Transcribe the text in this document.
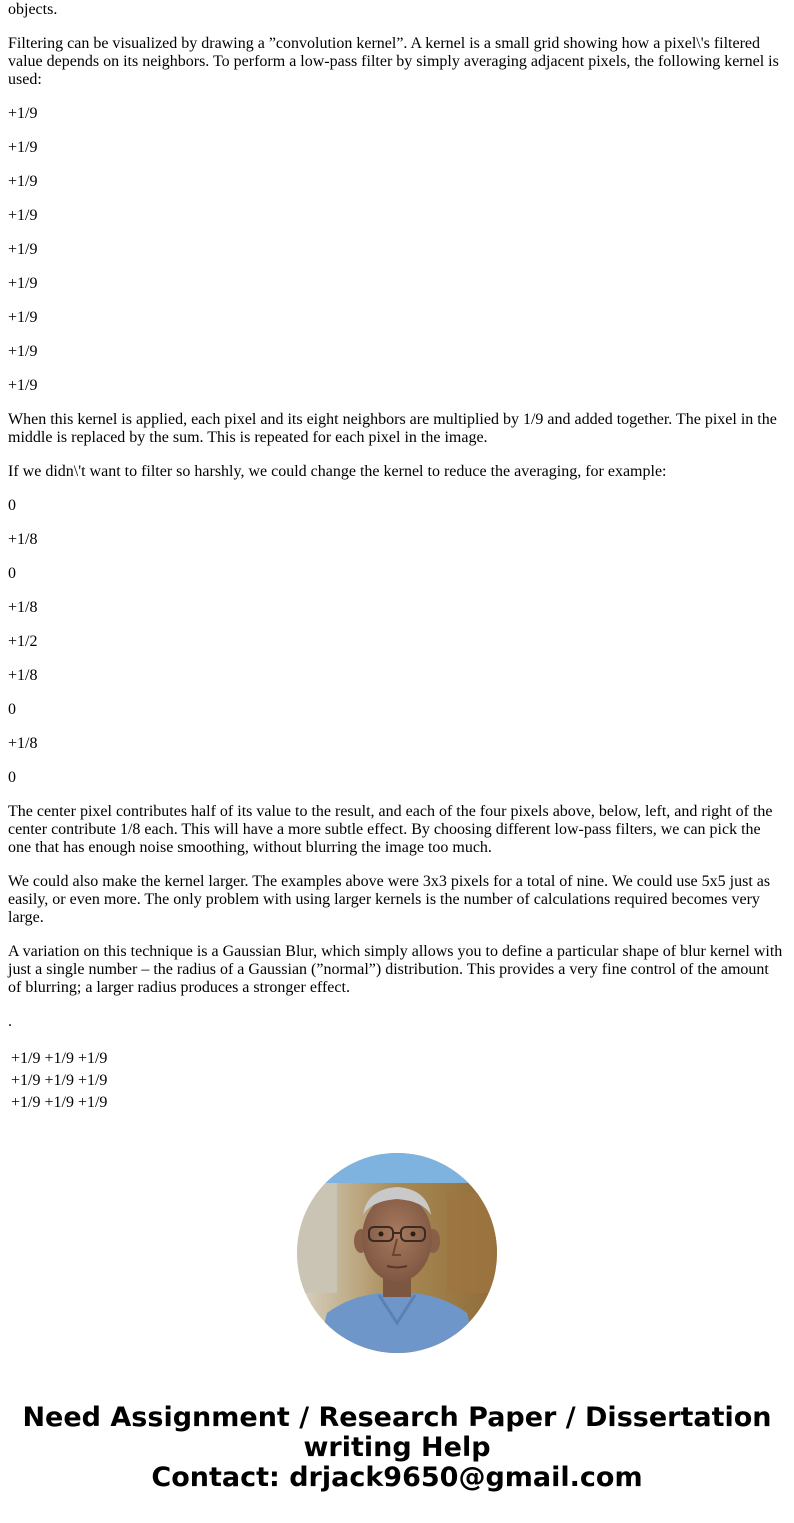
objects.

Filtering can be visualized by drawing a ”convolution kernel”. A kernel is a small grid showing how a pixel\'s filtered value depends on its neighbors. To perform a low-pass filter by simply averaging adjacent pixels, the following kernel is used:

+1/9

+1/9

+1/9

+1/9

+1/9

+1/9

+1/9

+1/9

+1/9

When this kernel is applied, each pixel and its eight neighbors are multiplied by 1/9 and added together. The pixel in the middle is replaced by the sum. This is repeated for each pixel in the image.

If we didn\'t want to filter so harshly, we could change the kernel to reduce the averaging, for example:

0

+1/8

0

+1/8

+1/2

+1/8

0

+1/8

0

The center pixel contributes half of its value to the result, and each of the four pixels above, below, left, and right of the center contribute 1/8 each. This will have a more subtle effect. By choosing different low-pass filters, we can pick the one that has enough noise smoothing, without blurring the image too much.

We could also make the kernel larger. The examples above were 3x3 pixels for a total of nine. We could use 5x5 just as easily, or even more. The only problem with using larger kernels is the number of calculations required becomes very large.

A variation on this technique is a Gaussian Blur, which simply allows you to define a particular shape of blur kernel with just a single number – the radius of a Gaussian (”normal”) distribution. This provides a very fine control of the amount of blurring; a larger radius produces a stronger effect.

.

+1/9	+1/9	+1/9
+1/9	+1/9	+1/9
+1/9	+1/9	+1/9
Need Assignment / Research Paper / Dissertation
writing Help
Contact: drjack9650@gmail.com
